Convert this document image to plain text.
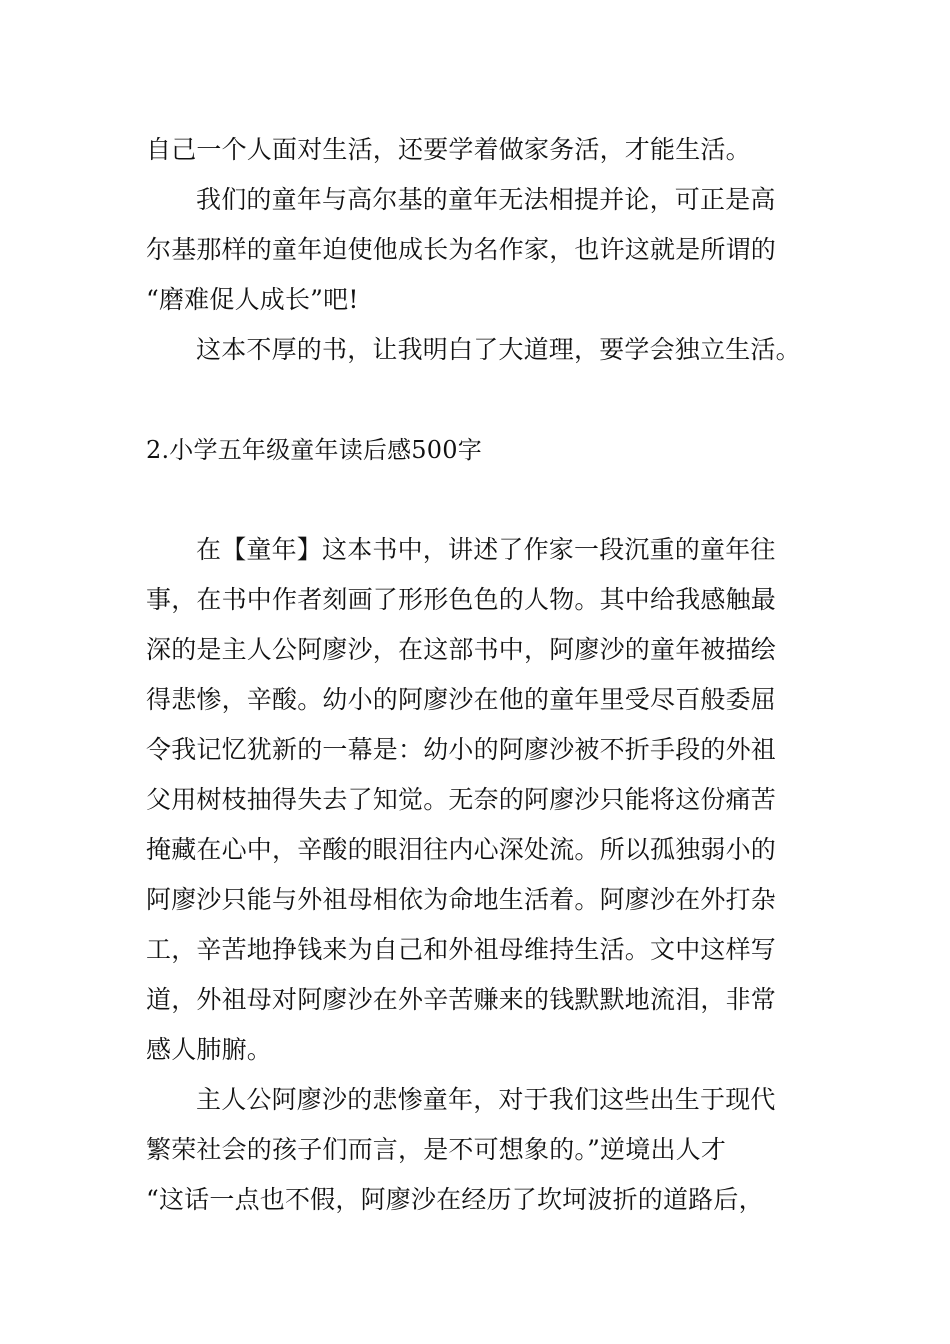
自己一个人面对生活，还要学着做家务活，才能生活。
我们的童年与高尔基的童年无法相提并论，可正是高
尔基那样的童年迫使他成长为名作家，也许这就是所谓的
“磨难促人成长”吧!
这本不厚的书，让我明白了大道理，要学会独立生活。
2.小学五年级童年读后感500字
在【童年】这本书中，讲述了作家一段沉重的童年往
事，在书中作者刻画了形形色色的人物。其中给我感触最
深的是主人公阿廖沙，在这部书中，阿廖沙的童年被描绘
得悲惨，辛酸。幼小的阿廖沙在他的童年里受尽百般委屈
令我记忆犹新的一幕是：幼小的阿廖沙被不折手段的外祖
父用树枝抽得失去了知觉。无奈的阿廖沙只能将这份痛苦
掩藏在心中，辛酸的眼泪往内心深处流。所以孤独弱小的
阿廖沙只能与外祖母相依为命地生活着。阿廖沙在外打杂
工，辛苦地挣钱来为自己和外祖母维持生活。文中这样写
道，外祖母对阿廖沙在外辛苦赚来的钱默默地流泪，非常
感人肺腑。
主人公阿廖沙的悲惨童年，对于我们这些出生于现代
繁荣社会的孩子们而言，是不可想象的。”逆境出人才
“这话一点也不假，阿廖沙在经历了坎坷波折的道路后，
